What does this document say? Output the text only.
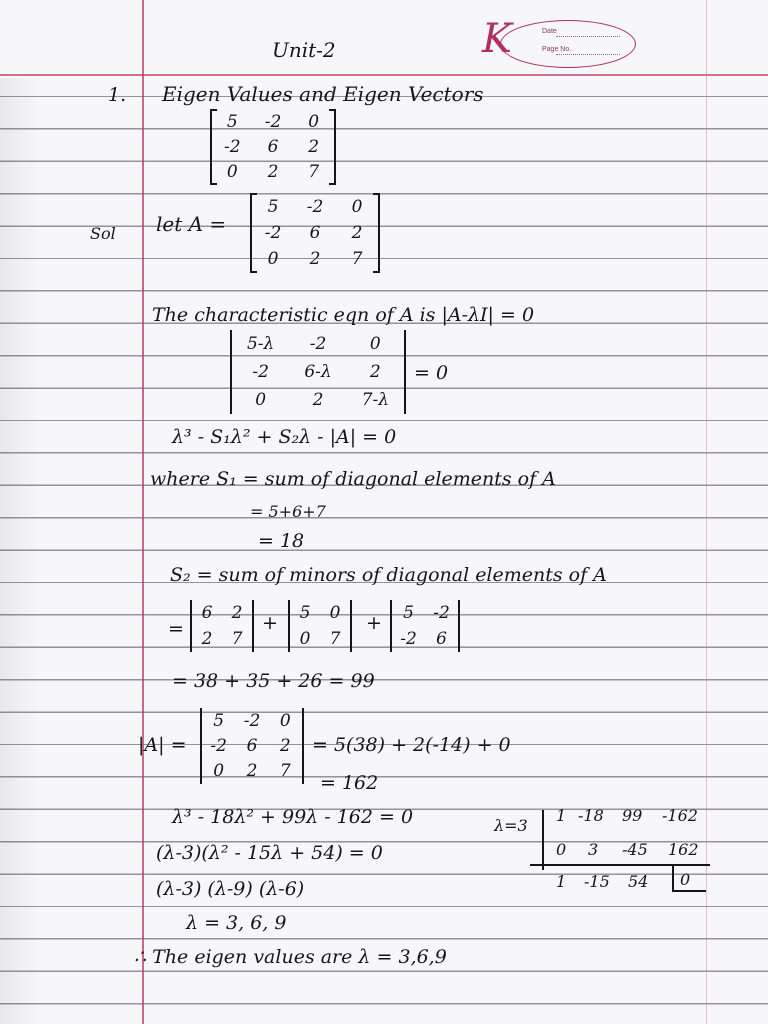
K	Date
Page No.
Unit-2
1. Eigen Values and Eigen Vectors
5	-2	0
-2	6	2
0	2	7
Sol let A =
5	-2	0
-2	6	2
0	2	7
The characteristic eqn of A is |A-λI| = 0
5-λ	-2	0
-2	6-λ	2
0	2	7-λ
= 0
λ³ - S₁λ² + S₂λ - |A| = 0
where S₁ = sum of diagonal elements of A
= 5+6+7
= 18
S₂ = sum of minors of diagonal elements of A
=
6	2
2	7
+	5	0
0	7
+	5	-2
-2	6
= 38 + 35 + 26 = 99
|A| =
5	-2	0
-2	6	2
0	2	7
= 5(38) + 2(-14) + 0
= 162
λ³ - 18λ² + 99λ - 162 = 0
(λ-3)(λ² - 15λ + 54) = 0
(λ-3) (λ-9) (λ-6)
λ = 3, 6, 9
∴ The eigen values are λ = 3,6,9
λ=3
1 -18 99 -162
0 3 -45 162
1 -15 54 0
